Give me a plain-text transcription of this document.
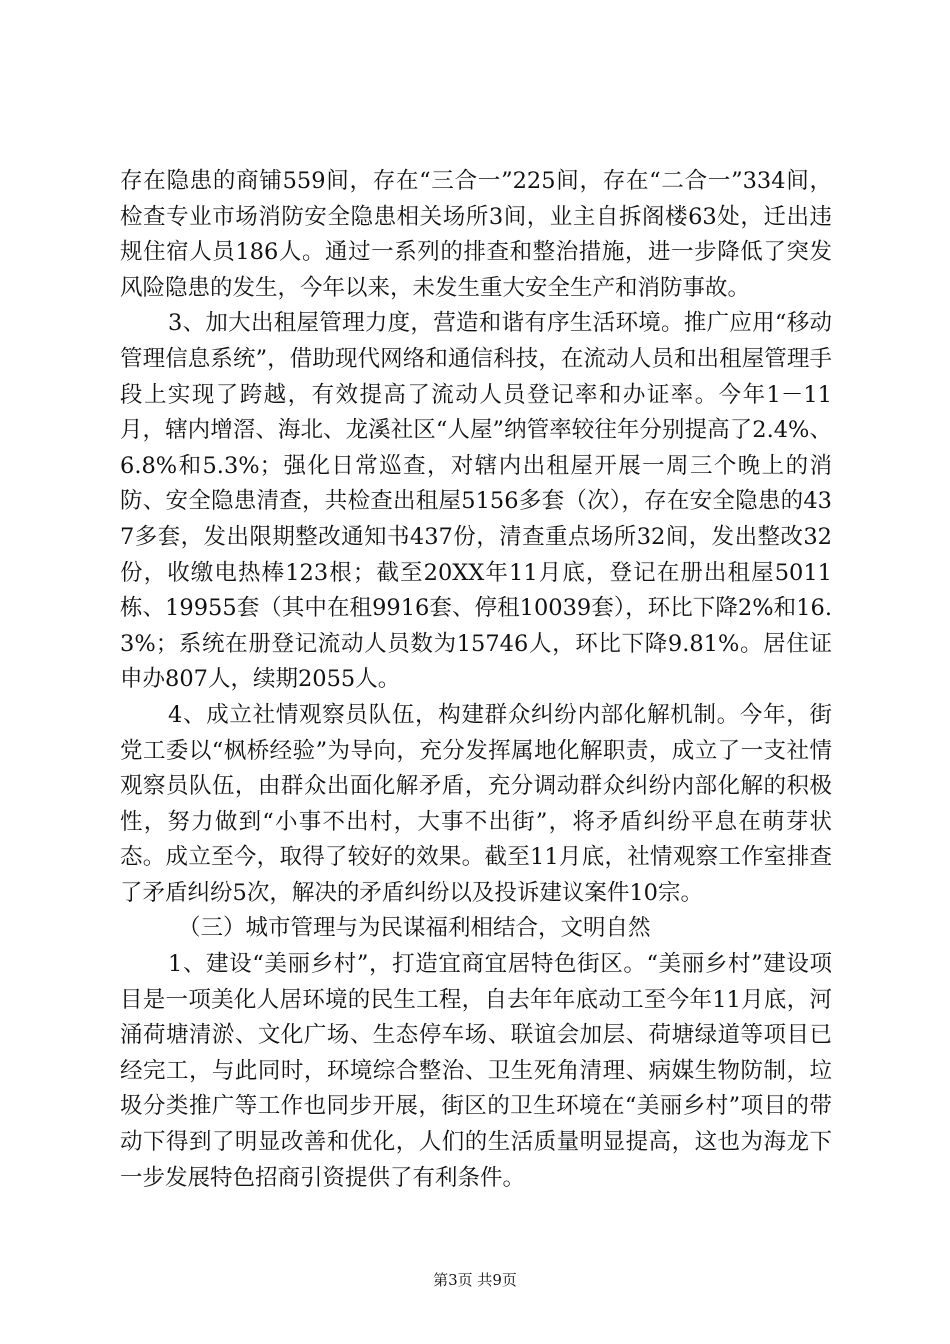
存在隐患的商铺559间，存在“三合一”225间，存在“二合一”334间，检查专业市场消防安全隐患相关场所3间，业主自拆阁楼63处，迁出违规住宿人员186人。通过一系列的排查和整治措施，进一步降低了突发风险隐患的发生，今年以来，未发生重大安全生产和消防事故。

3、加大出租屋管理力度，营造和谐有序生活环境。推广应用“移动管理信息系统”，借助现代网络和通信科技，在流动人员和出租屋管理手段上实现了跨越，有效提高了流动人员登记率和办证率。今年1－11月，辖内增滘、海北、龙溪社区“人屋”纳管率较往年分别提高了2.4%、6.8%和5.3%；强化日常巡查，对辖内出租屋开展一周三个晚上的消防、安全隐患清查，共检查出租屋5156多套（次），存在安全隐患的437多套，发出限期整改通知书437份，清查重点场所32间，发出整改32份，收缴电热棒123根；截至20XX年11月底，登记在册出租屋5011栋、19955套（其中在租9916套、停租10039套），环比下降2%和16.3%；系统在册登记流动人员数为15746人，环比下降9.81%。居住证申办807人，续期2055人。

4、成立社情观察员队伍，构建群众纠纷内部化解机制。今年，街党工委以“枫桥经验”为导向，充分发挥属地化解职责，成立了一支社情观察员队伍，由群众出面化解矛盾，充分调动群众纠纷内部化解的积极性，努力做到“小事不出村，大事不出街”，将矛盾纠纷平息在萌芽状态。成立至今，取得了较好的效果。截至11月底，社情观察工作室排查了矛盾纠纷5次，解决的矛盾纠纷以及投诉建议案件10宗。

（三）城市管理与为民谋福利相结合，文明自然

1、建设“美丽乡村”，打造宜商宜居特色街区。“美丽乡村”建设项目是一项美化人居环境的民生工程，自去年年底动工至今年11月底，河涌荷塘清淤、文化广场、生态停车场、联谊会加层、荷塘绿道等项目已经完工，与此同时，环境综合整治、卫生死角清理、病媒生物防制，垃圾分类推广等工作也同步开展，街区的卫生环境在“美丽乡村”项目的带动下得到了明显改善和优化，人们的生活质量明显提高，这也为海龙下一步发展特色招商引资提供了有利条件。

第3页 共9页
